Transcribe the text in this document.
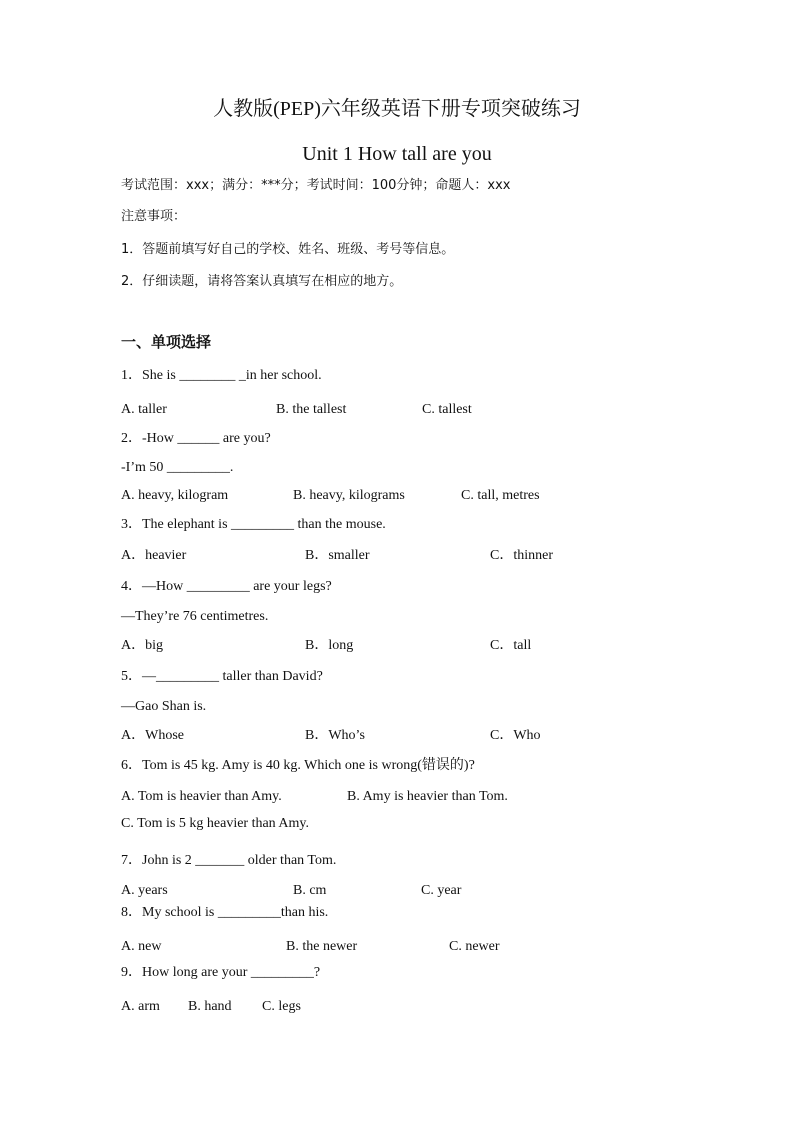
人教版(PEP)六年级英语下册专项突破练习
Unit 1 How tall are you
考试范围：xxx；满分：***分；考试时间：100分钟；命题人：xxx
注意事项：
1．答题前填写好自己的学校、姓名、班级、考号等信息。
2．仔细读题，请将答案认真填写在相应的地方。
一、单项选择
1．She is ________ _in her school.
A. taller	B. the tallest	C. tallest
2．-How ______ are you?
-I’m 50 _________.
A. heavy, kilogram	B. heavy, kilograms	C. tall, metres
3．The elephant is _________ than the mouse.
A．heavier	B．smaller	C．thinner
4．—How _________ are your legs?
—They’re 76 centimetres.
A．big	B．long	C．tall
5．—_________ taller than David?
—Gao Shan is.
A．Whose	B．Who’s	C．Who
6．Tom is 45 kg. Amy is 40 kg. Which one is wrong(错误的)?
A. Tom is heavier than Amy.	B. Amy is heavier than Tom.
C. Tom is 5 kg heavier than Amy.
7．John is 2 _______ older than Tom.
A. years	B. cm	C. year
8．My school is _________than his.
A. new	B. the newer	C. newer
9．How long are your _________?
A. arm B. hand C. legs
